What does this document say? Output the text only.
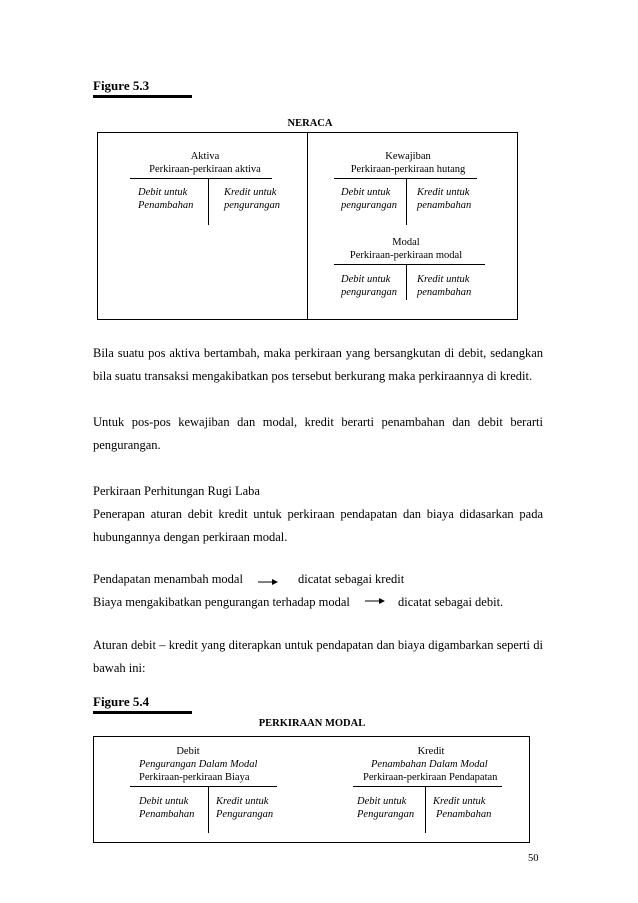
Figure 5.3
NERACA
Aktiva
Perkiraan-perkiraan aktiva
Debit untuk
Penambahan
Kredit untuk
pengurangan
Kewajiban
Perkiraan-perkiraan hutang
Debit untuk
pengurangan
Kredit untuk
penambahan
Modal
Perkiraan-perkiraan modal
Debit untuk
pengurangan
Kredit untuk
penambahan
Bila suatu pos aktiva bertambah, maka perkiraan yang bersangkutan di debit, sedangkan bila suatu transaksi mengakibatkan pos tersebut berkurang maka perkiraannya di kredit.
Untuk pos-pos kewajiban dan modal, kredit berarti penambahan dan debit berarti pengurangan.
Perkiraan Perhitungan Rugi Laba
Penerapan aturan debit kredit untuk perkiraan pendapatan dan biaya didasarkan pada hubungannya dengan perkiraan modal.
Pendapatan menambah modal	dicatat sebagai kredit
Biaya mengakibatkan pengurangan terhadap modal	dicatat sebagai debit.
Aturan debit – kredit yang diterapkan untuk pendapatan dan biaya digambarkan seperti di bawah ini:
Figure 5.4
PERKIRAAN MODAL
Debit
Pengurangan Dalam Modal
Perkiraan-perkiraan Biaya
Debit untuk
Penambahan
Kredit untuk
Pengurangan
Kredit
Penambahan Dalam Modal
Perkiraan-perkiraan Pendapatan
Debit untuk
Pengurangan
Kredit untuk
Penambahan
50
